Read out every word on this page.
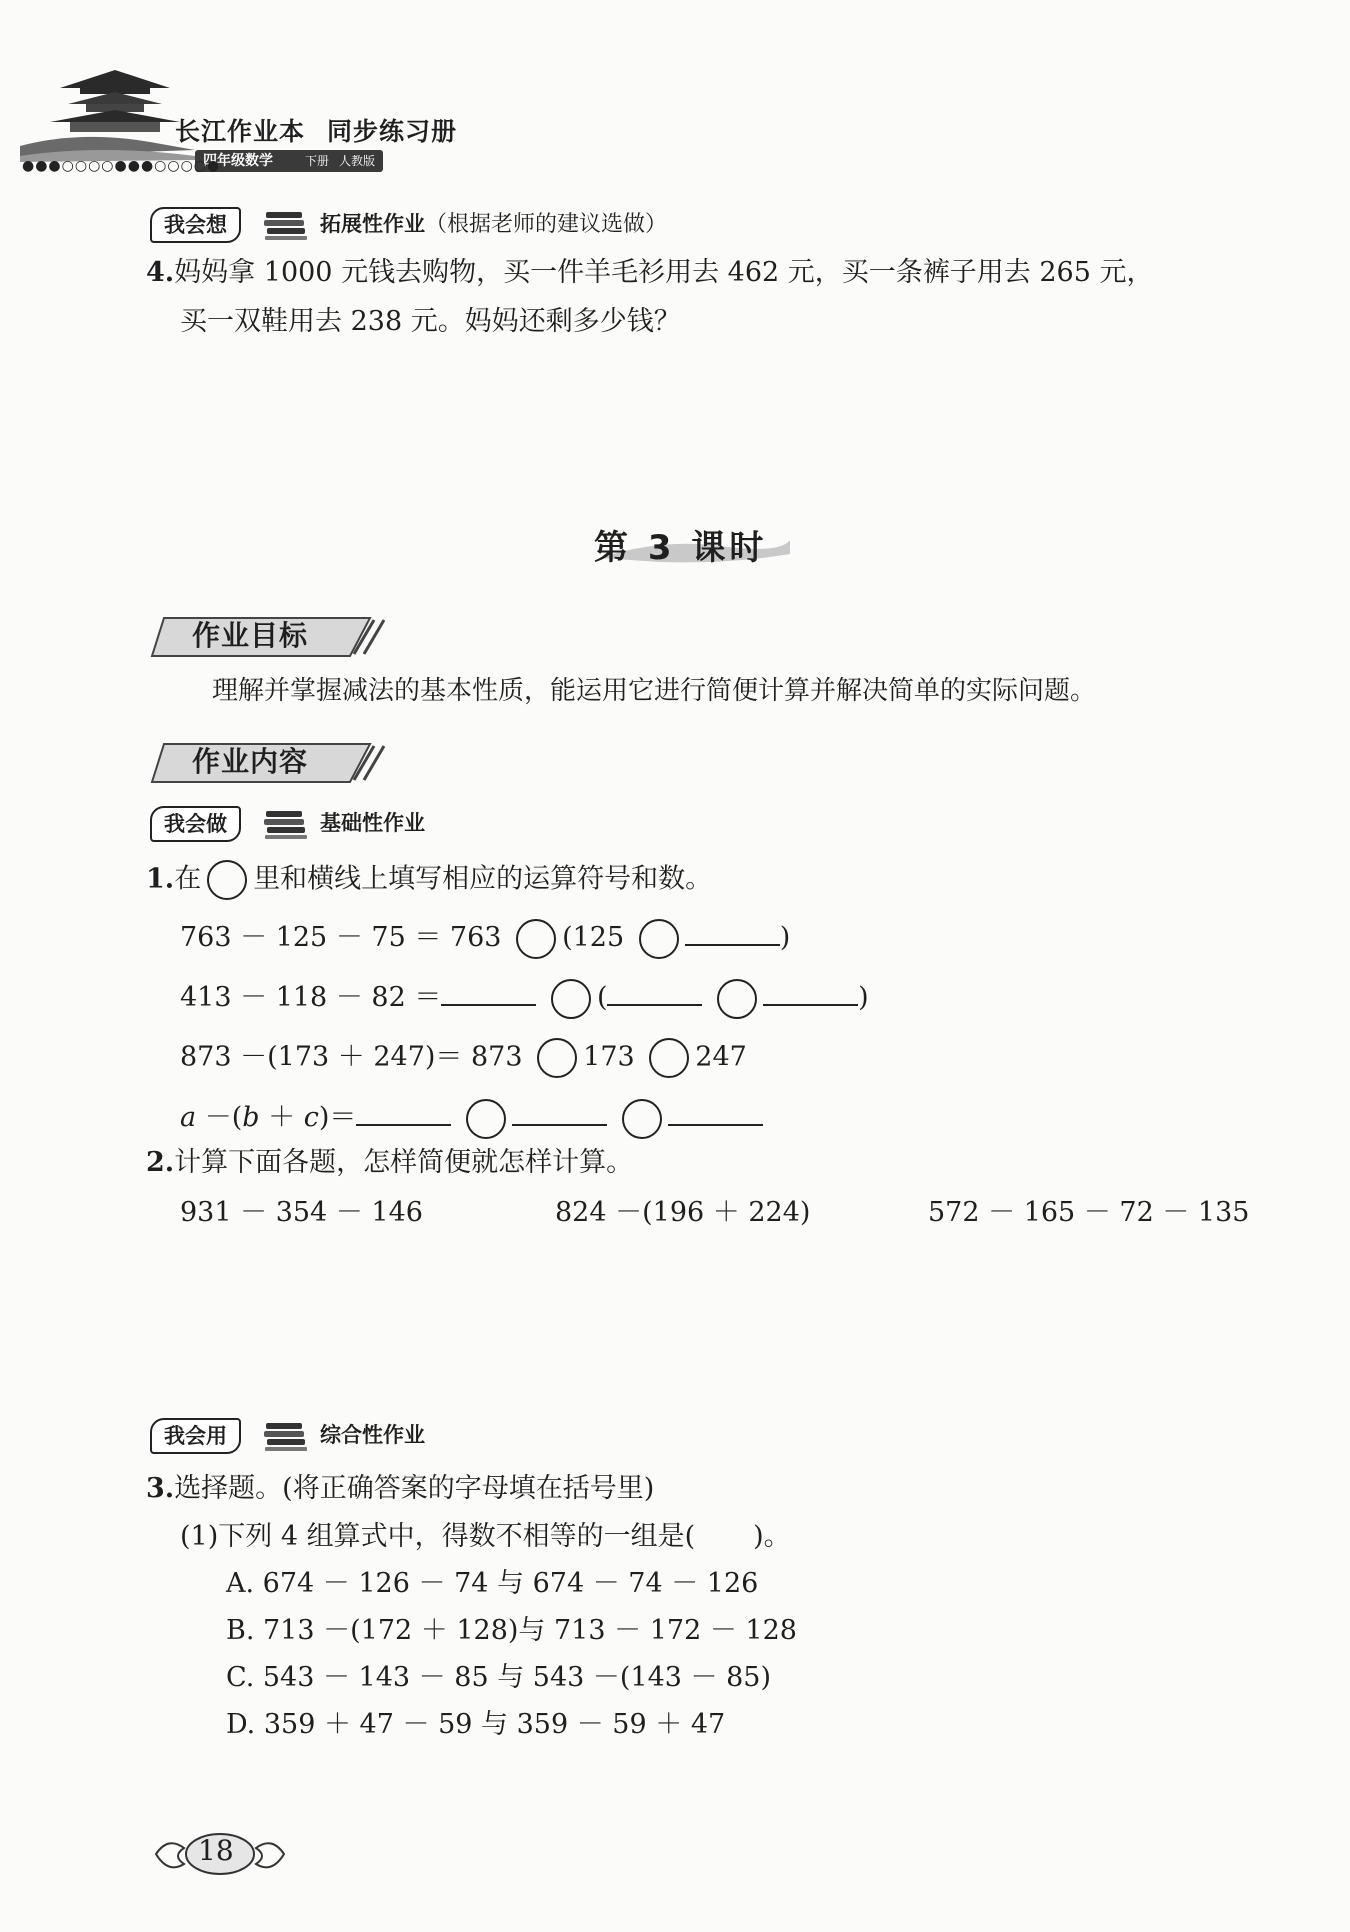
长江作业本 同步练习册
四年级数学	下册 人教版
●●●○○○○●●●○○○○●
我会想	拓展性作业（根据老师的建议选做）
4.妈妈拿 1000 元钱去购物，买一件羊毛衫用去 462 元，买一条裤子用去 265 元，
买一双鞋用去 238 元。妈妈还剩多少钱？
第 3 课时
作业目标
理解并掌握减法的基本性质，能运用它进行简便计算并解决简单的实际问题。
作业内容
我会做	基础性作业
1.在 里和横线上填写相应的运算符号和数。
763 － 125 － 75 ＝ 763 (125	)
413 － 118 － 82 ＝	(	)
873 －(173 ＋ 247)＝ 873 173 247
a －(b ＋ c)＝
2.计算下面各题，怎样简便就怎样计算。
931 － 354 － 146	824 －(196 ＋ 224)	572 － 165 － 72 － 135
我会用	综合性作业
3.选择题。(将正确答案的字母填在括号里)
(1)下列 4 组算式中，得数不相等的一组是( )。
A. 674 － 126 － 74 与 674 － 74 － 126
B. 713 －(172 ＋ 128)与 713 － 172 － 128
C. 543 － 143 － 85 与 543 －(143 － 85)
D. 359 ＋ 47 － 59 与 359 － 59 ＋ 47
18
